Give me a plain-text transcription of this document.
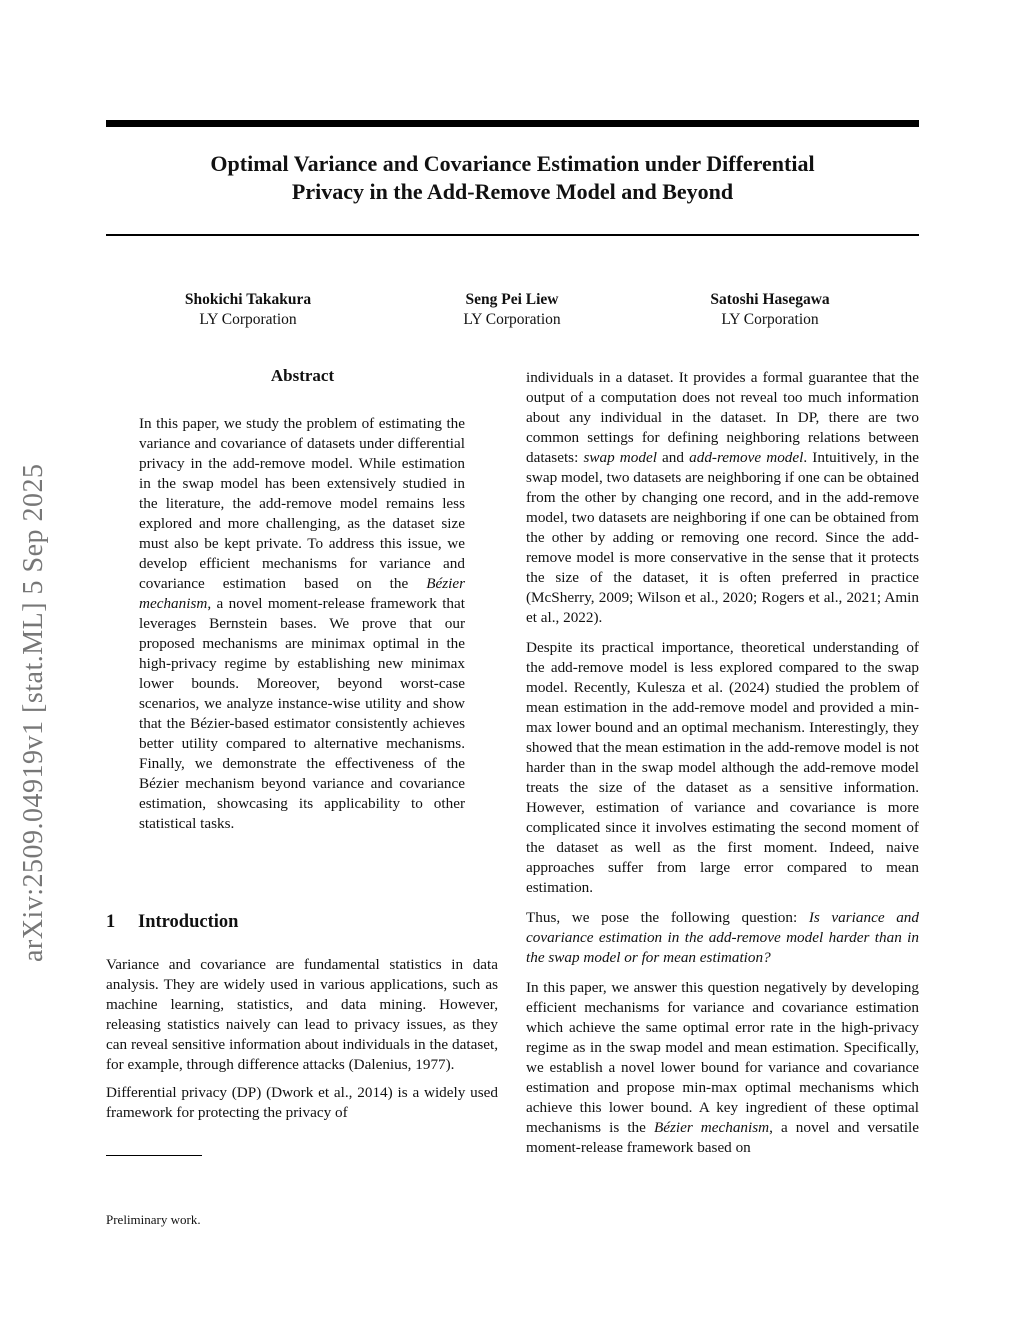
arXiv:2509.04919v1 [stat.ML] 5 Sep 2025
Optimal Variance and Covariance Estimation under Differential
Privacy in the Add-Remove Model and Beyond
Shokichi Takakura
LY Corporation
Seng Pei Liew
LY Corporation
Satoshi Hasegawa
LY Corporation
Abstract
In this paper, we study the problem of estimating the variance and covariance of datasets under differential privacy in the add-remove model. While estimation in the swap model has been extensively studied in the literature, the add-remove model remains less explored and more challenging, as the dataset size must also be kept private. To address this issue, we develop efficient mechanisms for variance and covariance estimation based on the Bézier mechanism, a novel moment-release framework that leverages Bernstein bases. We prove that our proposed mechanisms are minimax optimal in the high-privacy regime by establishing new minimax lower bounds. Moreover, beyond worst-case scenarios, we analyze instance-wise utility and show that the Bézier-based estimator consistently achieves better utility compared to alternative mechanisms. Finally, we demonstrate the effectiveness of the Bézier mechanism beyond variance and covariance estimation, showcasing its applicability to other statistical tasks.
1 Introduction

Variance and covariance are fundamental statistics in data analysis. They are widely used in various applications, such as machine learning, statistics, and data mining. However, releasing statistics naively can lead to privacy issues, as they can reveal sensitive information about individuals in the dataset, for example, through difference attacks (Dalenius, 1977).

Differential privacy (DP) (Dwork et al., 2014) is a widely used framework for protecting the privacy of

individuals in a dataset. It provides a formal guarantee that the output of a computation does not reveal too much information about any individual in the dataset. In DP, there are two common settings for defining neighboring relations between datasets: swap model and add-remove model. Intuitively, in the swap model, two datasets are neighboring if one can be obtained from the other by changing one record, and in the add-remove model, two datasets are neighboring if one can be obtained from the other by adding or removing one record. Since the add-remove model is more conservative in the sense that it protects the size of the dataset, it is often preferred in practice (McSherry, 2009; Wilson et al., 2020; Rogers et al., 2021; Amin et al., 2022).

Despite its practical importance, theoretical understanding of the add-remove model is less explored compared to the swap model. Recently, Kulesza et al. (2024) studied the problem of mean estimation in the add-remove model and provided a min-max lower bound and an optimal mechanism. Interestingly, they showed that the mean estimation in the add-remove model is not harder than in the swap model although the add-remove model treats the size of the dataset as a sensitive information. However, estimation of variance and covariance is more complicated since it involves estimating the second moment of the dataset as well as the first moment. Indeed, naive approaches suffer from large error compared to mean estimation.

Thus, we pose the following question: Is variance and covariance estimation in the add-remove model harder than in the swap model or for mean estimation?

In this paper, we answer this question negatively by developing efficient mechanisms for variance and covariance estimation which achieve the same optimal error rate in the high-privacy regime as in the swap model and mean estimation. Specifically, we establish a novel lower bound for variance and covariance estimation and propose min-max optimal mechanisms which achieve this lower bound. A key ingredient of these optimal mechanisms is the Bézier mechanism, a novel and versatile moment-release framework based on

Preliminary work.
